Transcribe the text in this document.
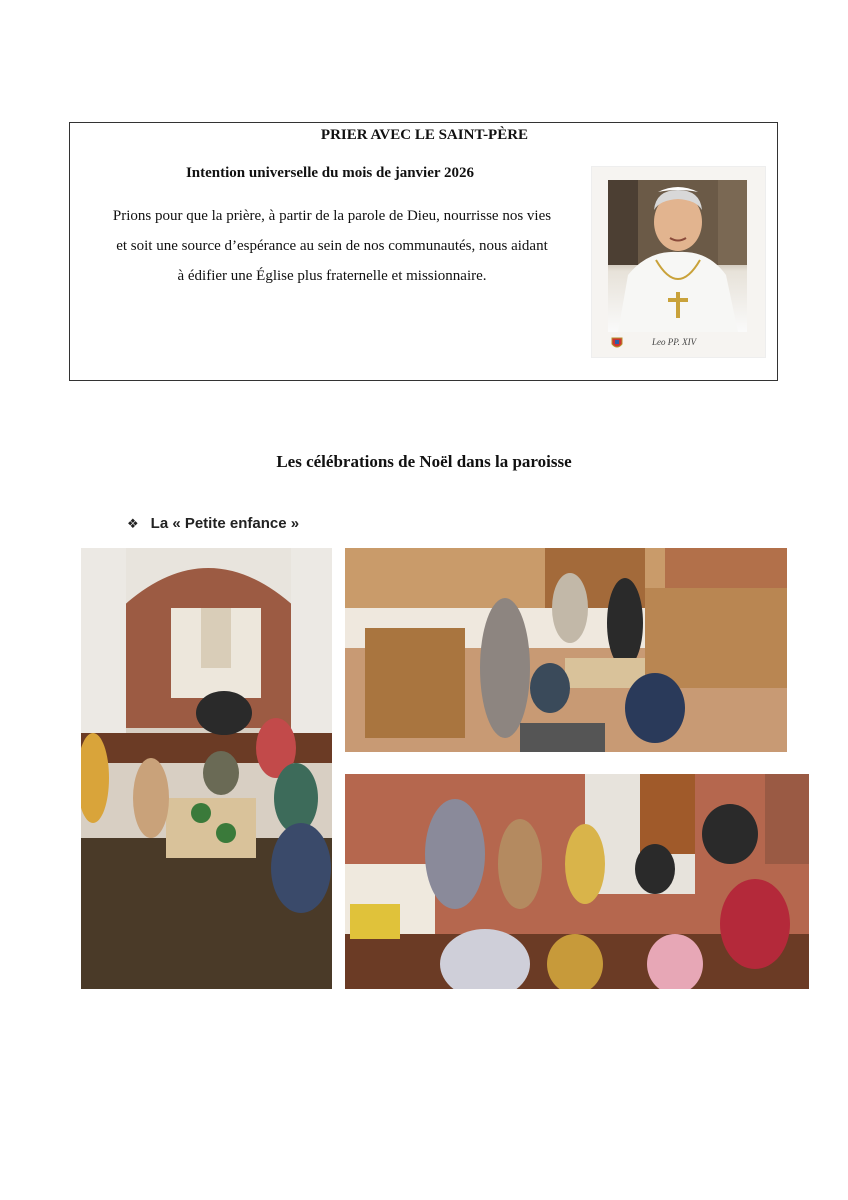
PRIER AVEC LE SAINT-PÈRE
Intention universelle du mois de janvier 2026
Prions pour que la prière, à partir de la parole de Dieu, nourrisse nos vies
et soit une source d’espérance au sein de nos communautés, nous aidant
à édifier une Église plus fraternelle et missionnaire.
Leo PP. XIV
Les célébrations de Noël dans la paroisse
❖ La « Petite enfance »
